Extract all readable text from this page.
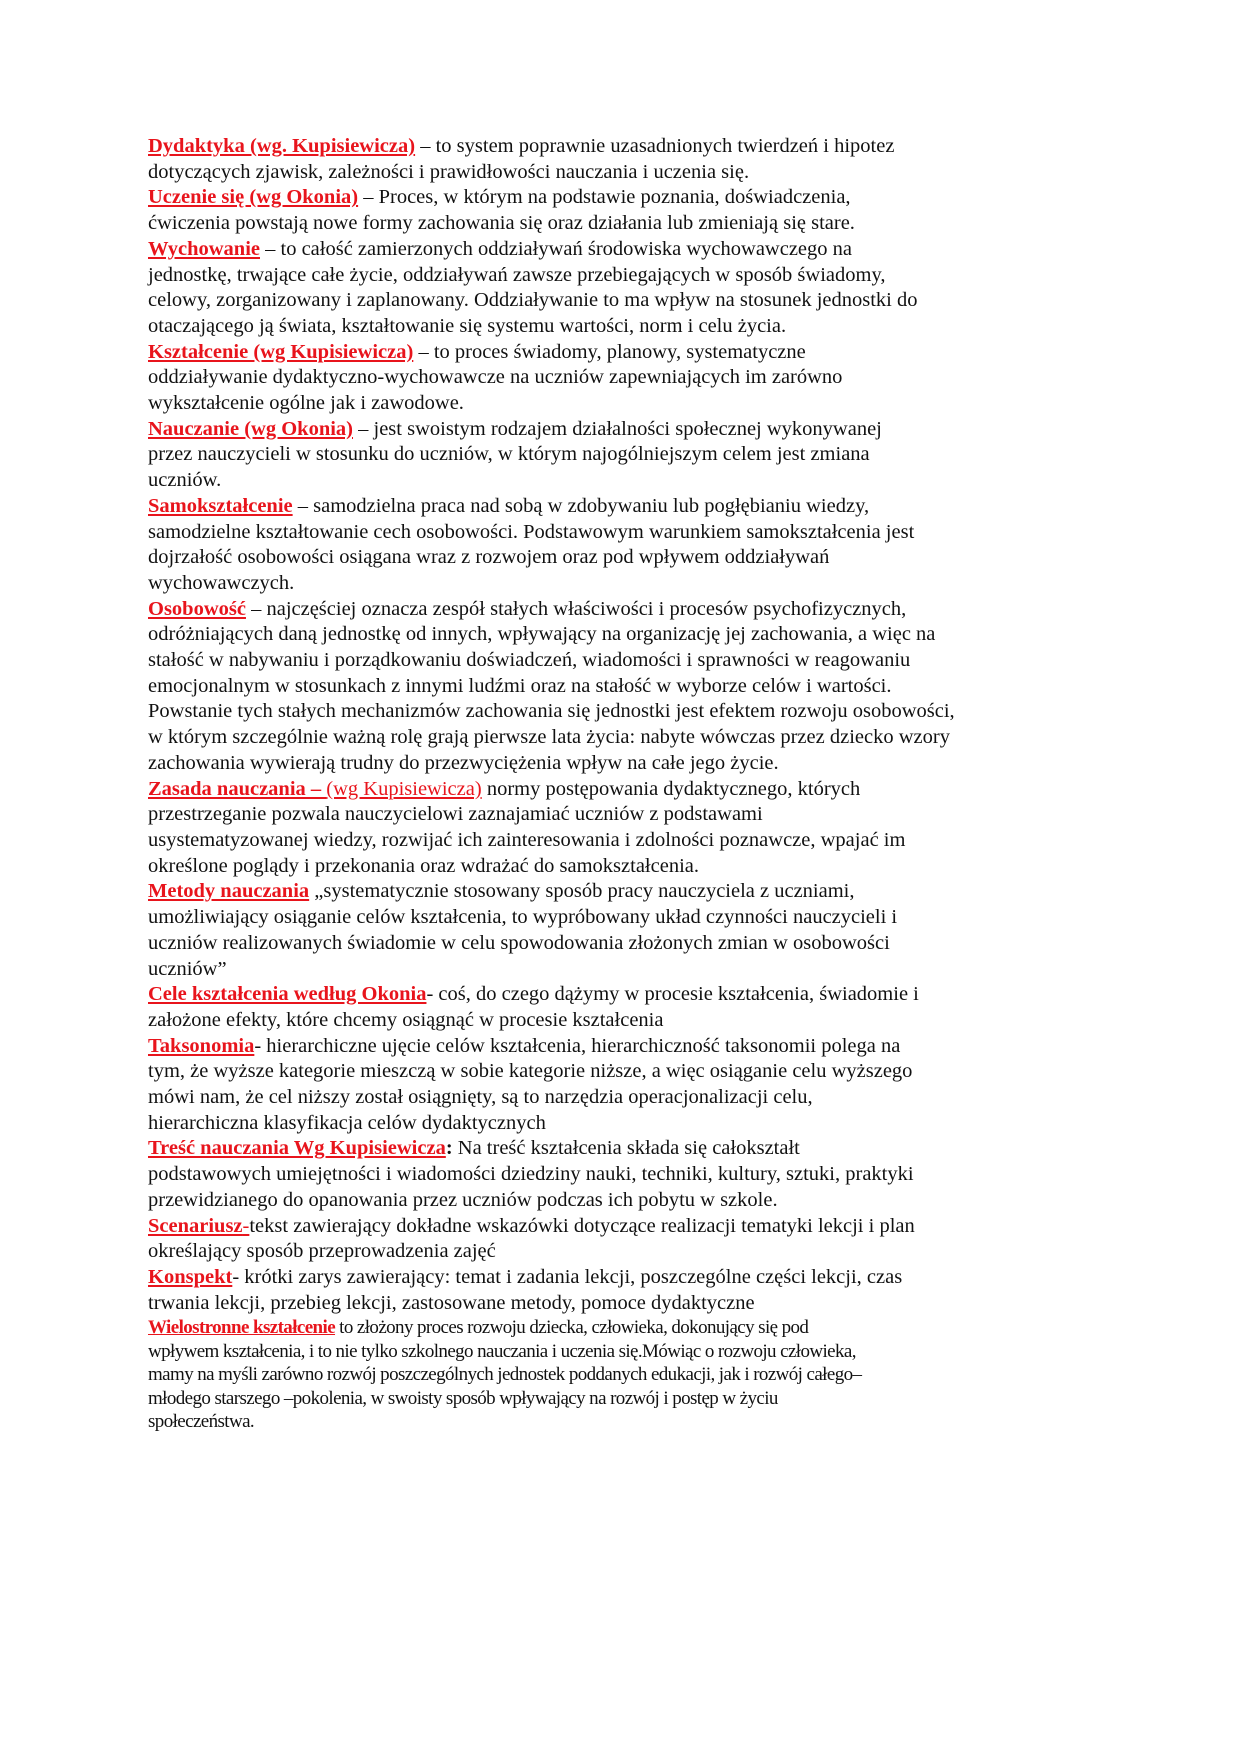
Dydaktyka (wg. Kupisiewicza) – to system poprawnie uzasadnionych twierdzeń i hipotez
dotyczących zjawisk, zależności i prawidłowości nauczania i uczenia się.
Uczenie się (wg Okonia) – Proces, w którym na podstawie poznania, doświadczenia,
ćwiczenia powstają nowe formy zachowania się oraz działania lub zmieniają się stare.
Wychowanie – to całość zamierzonych oddziaływań środowiska wychowawczego na
jednostkę, trwające całe życie, oddziaływań zawsze przebiegających w sposób świadomy,
celowy, zorganizowany i zaplanowany. Oddziaływanie to ma wpływ na stosunek jednostki do
otaczającego ją świata, kształtowanie się systemu wartości, norm i celu życia.
Kształcenie (wg Kupisiewicza) – to proces świadomy, planowy, systematyczne
oddziaływanie dydaktyczno-wychowawcze na uczniów zapewniających im zarówno
wykształcenie ogólne jak i zawodowe.
Nauczanie (wg Okonia) – jest swoistym rodzajem działalności społecznej wykonywanej
przez nauczycieli w stosunku do uczniów, w którym najogólniejszym celem jest zmiana
uczniów.
Samokształcenie – samodzielna praca nad sobą w zdobywaniu lub pogłębianiu wiedzy,
samodzielne kształtowanie cech osobowości. Podstawowym warunkiem samokształcenia jest
dojrzałość osobowości osiągana wraz z rozwojem oraz pod wpływem oddziaływań
wychowawczych.
Osobowość – najczęściej oznacza zespół stałych właściwości i procesów psychofizycznych,
odróżniających daną jednostkę od innych, wpływający na organizację jej zachowania, a więc na
stałość w nabywaniu i porządkowaniu doświadczeń, wiadomości i sprawności w reagowaniu
emocjonalnym w stosunkach z innymi ludźmi oraz na stałość w wyborze celów i wartości.
Powstanie tych stałych mechanizmów zachowania się jednostki jest efektem rozwoju osobowości,
w którym szczególnie ważną rolę grają pierwsze lata życia: nabyte wówczas przez dziecko wzory
zachowania wywierają trudny do przezwyciężenia wpływ na całe jego życie.
Zasada nauczania – (wg Kupisiewicza) normy postępowania dydaktycznego, których
przestrzeganie pozwala nauczycielowi zaznajamiać uczniów z podstawami
usystematyzowanej wiedzy, rozwijać ich zainteresowania i zdolności poznawcze, wpajać im
określone poglądy i przekonania oraz wdrażać do samokształcenia.
Metody nauczania „systematycznie stosowany sposób pracy nauczyciela z uczniami,
umożliwiający osiąganie celów kształcenia, to wypróbowany układ czynności nauczycieli i
uczniów realizowanych świadomie w celu spowodowania złożonych zmian w osobowości
uczniów”
Cele kształcenia według Okonia- coś, do czego dążymy w procesie kształcenia, świadomie i
założone efekty, które chcemy osiągnąć w procesie kształcenia
Taksonomia- hierarchiczne ujęcie celów kształcenia, hierarchiczność taksonomii polega na
tym, że wyższe kategorie mieszczą w sobie kategorie niższe, a więc osiąganie celu wyższego
mówi nam, że cel niższy został osiągnięty, są to narzędzia operacjonalizacji celu,
hierarchiczna klasyfikacja celów dydaktycznych
Treść nauczania Wg Kupisiewicza: Na treść kształcenia składa się całokształt
podstawowych umiejętności i wiadomości dziedziny nauki, techniki, kultury, sztuki, praktyki
przewidzianego do opanowania przez uczniów podczas ich pobytu w szkole.
Scenariusz-tekst zawierający dokładne wskazówki dotyczące realizacji tematyki lekcji i plan
określający sposób przeprowadzenia zajęć
Konspekt- krótki zarys zawierający: temat i zadania lekcji, poszczególne części lekcji, czas
trwania lekcji, przebieg lekcji, zastosowane metody, pomoce dydaktyczne
Wielostronne kształcenie to złożony proces rozwoju dziecka, człowieka, dokonujący się pod
wpływem kształcenia, i to nie tylko szkolnego nauczania i uczenia się.Mówiąc o rozwoju człowieka,
mamy na myśli zarówno rozwój poszczególnych jednostek poddanych edukacji, jak i rozwój całego–
młodego starszego –pokolenia, w swoisty sposób wpływający na rozwój i postęp w życiu
społeczeństwa.
